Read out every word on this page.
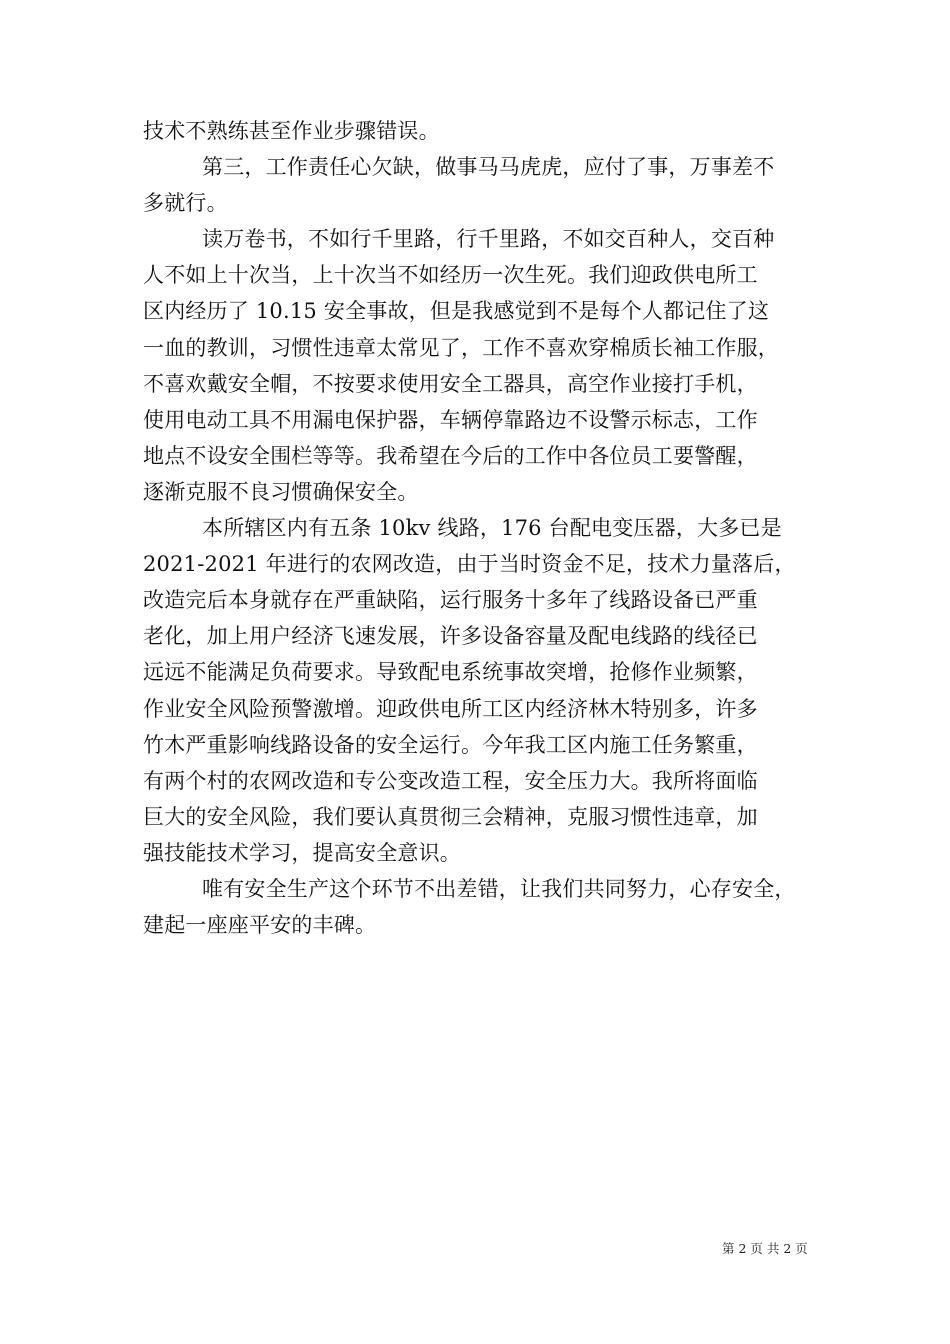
技术不熟练甚至作业步骤错误。
第三，工作责任心欠缺，做事马马虎虎，应付了事，万事差不
多就行。
读万卷书，不如行千里路，行千里路，不如交百种人，交百种
人不如上十次当，上十次当不如经历一次生死。我们迎政供电所工
区内经历了 10.15 安全事故，但是我感觉到不是每个人都记住了这
一血的教训，习惯性违章太常见了，工作不喜欢穿棉质长袖工作服，
不喜欢戴安全帽，不按要求使用安全工器具，高空作业接打手机，
使用电动工具不用漏电保护器，车辆停靠路边不设警示标志，工作
地点不设安全围栏等等。我希望在今后的工作中各位员工要警醒，
逐渐克服不良习惯确保安全。
本所辖区内有五条 10kv 线路，176 台配电变压器，大多已是
2021-2021 年进行的农网改造，由于当时资金不足，技术力量落后，
改造完后本身就存在严重缺陷，运行服务十多年了线路设备已严重
老化，加上用户经济飞速发展，许多设备容量及配电线路的线径已
远远不能满足负荷要求。导致配电系统事故突增，抢修作业频繁，
作业安全风险预警激增。迎政供电所工区内经济林木特别多，许多
竹木严重影响线路设备的安全运行。今年我工区内施工任务繁重，
有两个村的农网改造和专公变改造工程，安全压力大。我所将面临
巨大的安全风险，我们要认真贯彻三会精神，克服习惯性违章，加
强技能技术学习，提高安全意识。
唯有安全生产这个环节不出差错，让我们共同努力，心存安全，
建起一座座平安的丰碑。
第 2 页 共 2 页
